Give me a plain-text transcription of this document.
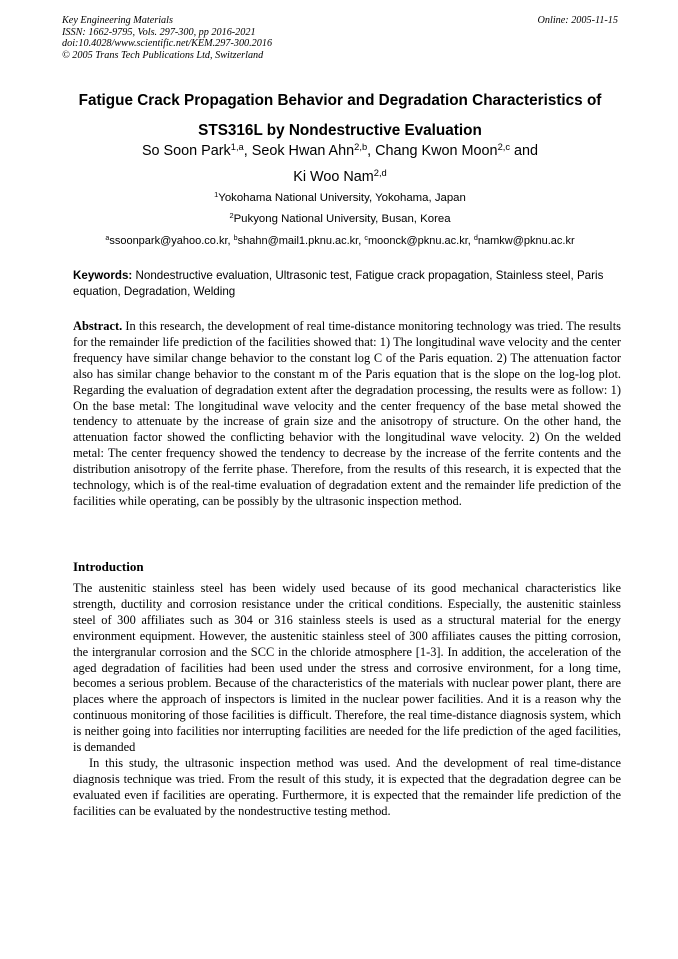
Key Engineering Materials	Online: 2005-11-15
ISSN: 1662-9795, Vols. 297-300, pp 2016-2021
doi:10.4028/www.scientific.net/KEM.297-300.2016
© 2005 Trans Tech Publications Ltd, Switzerland
Fatigue Crack Propagation Behavior and Degradation Characteristics of
STS316L by Nondestructive Evaluation
So Soon Park$^{1,a}$, Seok Hwan Ahn$^{2,b}$, Chang Kwon Moon$^{2,c}$ and
Ki Woo Nam$^{2,d}$
$^1$Yokohama National University, Yokohama, Japan
$^2$Pukyong National University, Busan, Korea
$^a$ssoonpark@yahoo.co.kr, $^b$shahn@mail1.pknu.ac.kr, $^c$moonck@pknu.ac.kr, $^d$namkw@pknu.ac.kr
Keywords: Nondestructive evaluation, Ultrasonic test, Fatigue crack propagation, Stainless steel, Paris equation, Degradation, Welding
Abstract. In this research, the development of real time-distance monitoring technology was tried. The results for the remainder life prediction of the facilities showed that: 1) The longitudinal wave velocity and the center frequency have similar change behavior to the constant log C of the Paris equation. 2) The attenuation factor also has similar change behavior to the constant m of the Paris equation that is the slope on the log-log plot. Regarding the evaluation of degradation extent after the degradation processing, the results were as follow: 1) On the base metal: The longitudinal wave velocity and the center frequency of the base metal showed the tendency to attenuate by the increase of grain size and the anisotropy of structure. On the other hand, the attenuation factor showed the conflicting behavior with the longitudinal wave velocity. 2) On the welded metal: The center frequency showed the tendency to decrease by the increase of the ferrite contents and the distribution anisotropy of the ferrite phase. Therefore, from the results of this research, it is expected that the technology, which is of the real-time evaluation of degradation extent and the remainder life prediction of the facilities while operating, can be possibly by the ultrasonic inspection method.
Introduction

The austenitic stainless steel has been widely used because of its good mechanical characteristics like strength, ductility and corrosion resistance under the critical conditions. Especially, the austenitic stainless steel of 300 affiliates such as 304 or 316 stainless steels is used as a structural material for the energy environment equipment. However, the austenitic stainless steel of 300 affiliates causes the pitting corrosion, the intergranular corrosion and the SCC in the chloride atmosphere [1-3]. In addition, the acceleration of the aged degradation of facilities had been used under the stress and corrosive environment, for a long time, becomes a serious problem. Because of the characteristics of the materials with nuclear power plant, there are places where the approach of inspectors is limited in the nuclear power facilities. And it is a reason why the continuous monitoring of those facilities is difficult. Therefore, the real time-distance diagnosis system, which is neither going into facilities nor interrupting facilities are needed for the life prediction of the aged facilities, is demanded

In this study, the ultrasonic inspection method was used. And the development of real time-distance diagnosis technique was tried. From the result of this study, it is expected that the degradation degree can be evaluated even if facilities are operating. Furthermore, it is expected that the remainder life prediction of the facilities can be evaluated by the nondestructive testing method.
